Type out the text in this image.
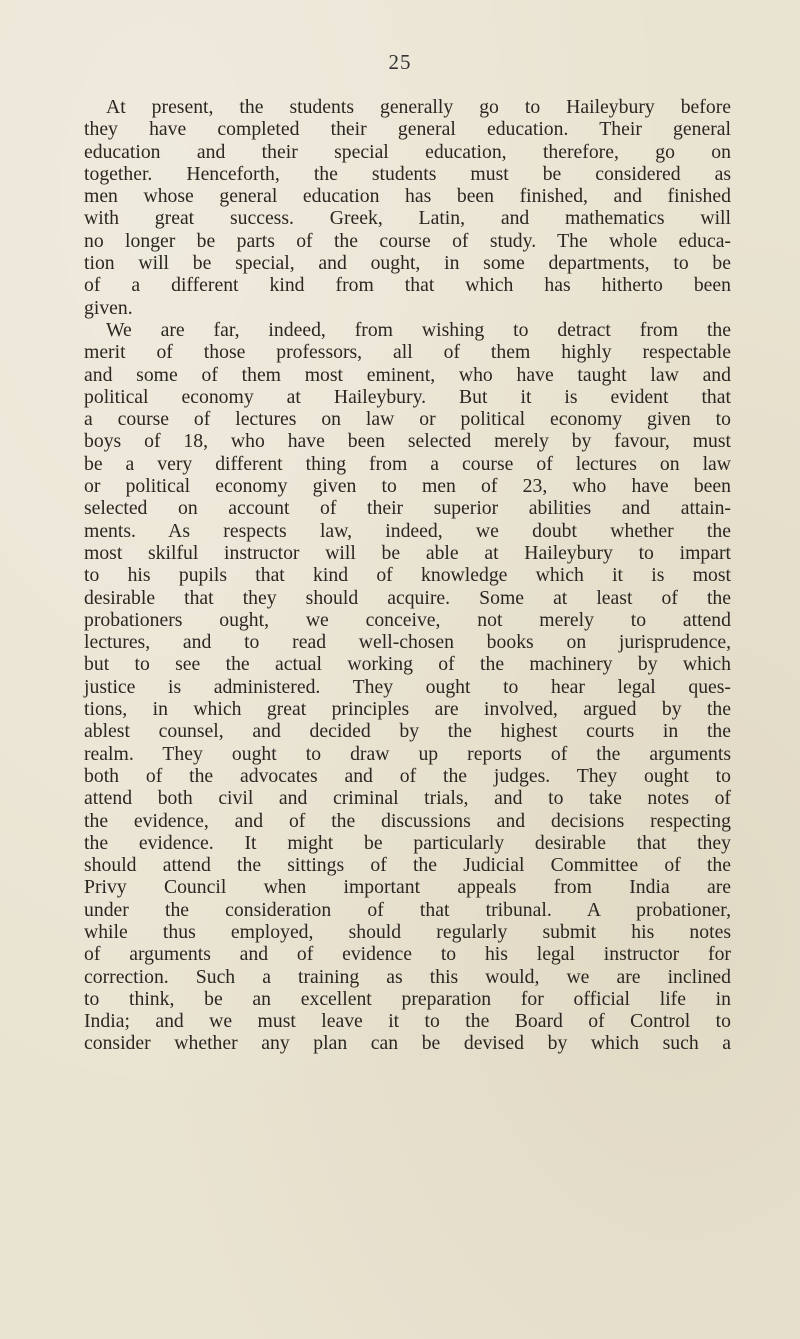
25
At present, the students generally go to Haileybury before
they have completed their general education. Their general
education and their special education, therefore, go on
together. Henceforth, the students must be considered as
men whose general education has been finished, and finished
with great success. Greek, Latin, and mathematics will
no longer be parts of the course of study. The whole educa-
tion will be special, and ought, in some departments, to be
of a different kind from that which has hitherto been
given.
We are far, indeed, from wishing to detract from the
merit of those professors, all of them highly respectable
and some of them most eminent, who have taught law and
political economy at Haileybury. But it is evident that
a course of lectures on law or political economy given to
boys of 18, who have been selected merely by favour, must
be a very different thing from a course of lectures on law
or political economy given to men of 23, who have been
selected on account of their superior abilities and attain-
ments. As respects law, indeed, we doubt whether the
most skilful instructor will be able at Haileybury to impart
to his pupils that kind of knowledge which it is most
desirable that they should acquire. Some at least of the
probationers ought, we conceive, not merely to attend
lectures, and to read well-chosen books on jurisprudence,
but to see the actual working of the machinery by which
justice is administered. They ought to hear legal ques-
tions, in which great principles are involved, argued by the
ablest counsel, and decided by the highest courts in the
realm. They ought to draw up reports of the arguments
both of the advocates and of the judges. They ought to
attend both civil and criminal trials, and to take notes of
the evidence, and of the discussions and decisions respecting
the evidence. It might be particularly desirable that they
should attend the sittings of the Judicial Committee of the
Privy Council when important appeals from India are
under the consideration of that tribunal. A probationer,
while thus employed, should regularly submit his notes
of arguments and of evidence to his legal instructor for
correction. Such a training as this would, we are inclined
to think, be an excellent preparation for official life in
India; and we must leave it to the Board of Control to
consider whether any plan can be devised by which such a
